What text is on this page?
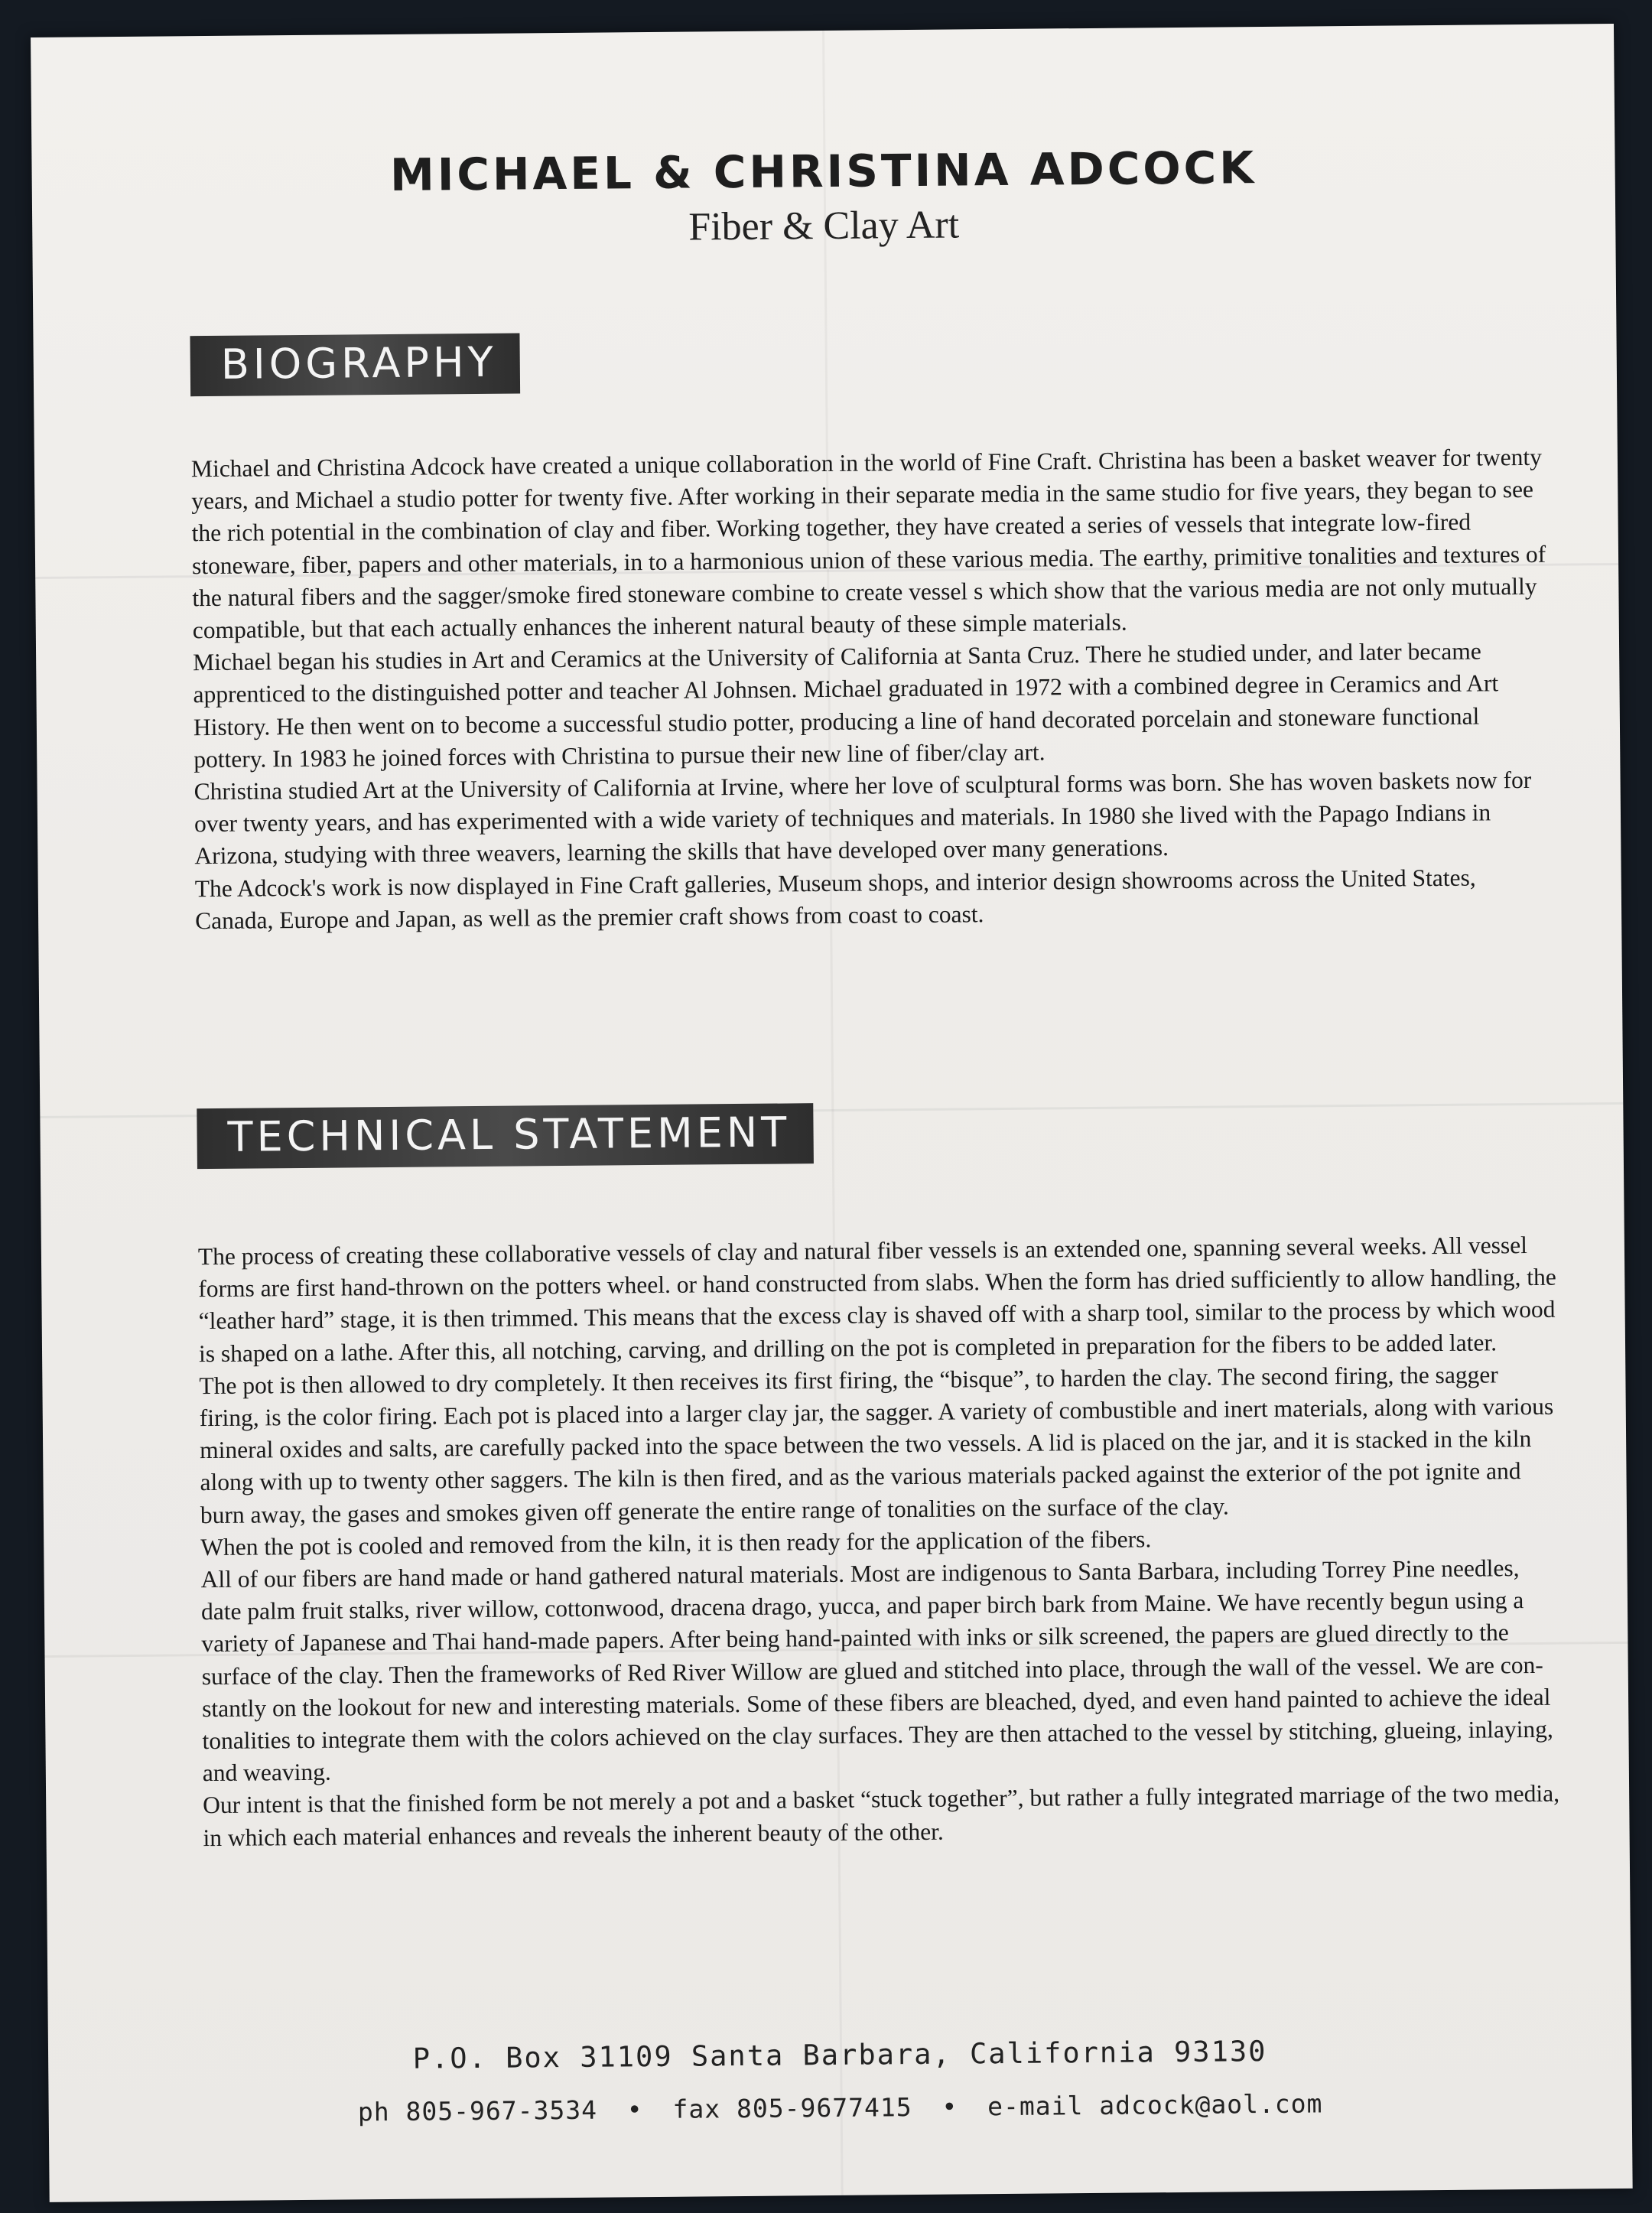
MICHAEL & CHRISTINA ADCOCK

Fiber & Clay Art

BIOGRAPHY

Michael and Christina Adcock have created a unique collaboration in the world of Fine Craft. Christina has been a basket weaver for twenty years, and Michael a studio potter for twenty five. After working in their separate media in the same studio for five years, they began to see the rich potential in the combination of clay and fiber. Working together, they have created a series of vessels that integrate low-fired stoneware, fiber, papers and other materials, in to a harmonious union of these various media. The earthy, primitive tonalities and textures of the natural fibers and the sagger/smoke fired stoneware combine to create vessel s which show that the various media are not only mutually compatible, but that each actually enhances the inherent natural beauty of these simple materials.

Michael began his studies in Art and Ceramics at the University of California at Santa Cruz. There he studied under, and later became apprenticed to the distinguished potter and teacher Al Johnsen. Michael graduated in 1972 with a combined degree in Ceramics and Art History. He then went on to become a successful studio potter, producing a line of hand decorated porcelain and stoneware functional pottery. In 1983 he joined forces with Christina to pursue their new line of fiber/clay art.

Christina studied Art at the University of California at Irvine, where her love of sculptural forms was born. She has woven baskets now for over twenty years, and has experimented with a wide variety of techniques and materials. In 1980 she lived with the Papago Indians in Arizona, studying with three weavers, learning the skills that have developed over many generations.

The Adcock's work is now displayed in Fine Craft galleries, Museum shops, and interior design showrooms across the United States, Canada, Europe and Japan, as well as the premier craft shows from coast to coast.

TECHNICAL STATEMENT

The process of creating these collaborative vessels of clay and natural fiber vessels is an extended one, spanning several weeks. All vessel forms are first hand-thrown on the potters wheel. or hand constructed from slabs. When the form has dried sufficiently to allow handling, the “leather hard” stage, it is then trimmed. This means that the excess clay is shaved off with a sharp tool, similar to the process by which wood is shaped on a lathe. After this, all notching, carving, and drilling on the pot is completed in preparation for the fibers to be added later.

The pot is then allowed to dry completely. It then receives its first firing, the “bisque”, to harden the clay. The second firing, the sagger firing, is the color firing. Each pot is placed into a larger clay jar, the sagger. A variety of combustible and inert materials, along with various mineral oxides and salts, are carefully packed into the space between the two vessels. A lid is placed on the jar, and it is stacked in the kiln along with up to twenty other saggers. The kiln is then fired, and as the various materials packed against the exterior of the pot ignite and burn away, the gases and smokes given off generate the entire range of tonalities on the surface of the clay.

When the pot is cooled and removed from the kiln, it is then ready for the application of the fibers.

All of our fibers are hand made or hand gathered natural materials. Most are indigenous to Santa Barbara, including Torrey Pine needles, date palm fruit stalks, river willow, cottonwood, dracena drago, yucca, and paper birch bark from Maine. We have recently begun using a variety of Japanese and Thai hand-made papers. After being hand-painted with inks or silk screened, the papers are glued directly to the surface of the clay. Then the frameworks of Red River Willow are glued and stitched into place, through the wall of the vessel. We are con-stantly on the lookout for new and interesting materials. Some of these fibers are bleached, dyed, and even hand painted to achieve the ideal tonalities to integrate them with the colors achieved on the clay surfaces. They are then attached to the vessel by stitching, glueing, inlaying, and weaving.

Our intent is that the finished form be not merely a pot and a basket “stuck together”, but rather a fully integrated marriage of the two media, in which each material enhances and reveals the inherent beauty of the other.

P.O. Box 31109 Santa Barbara, California 93130

ph 805-967-3534 • fax 805-9677415 • e-mail adcock@aol.com
